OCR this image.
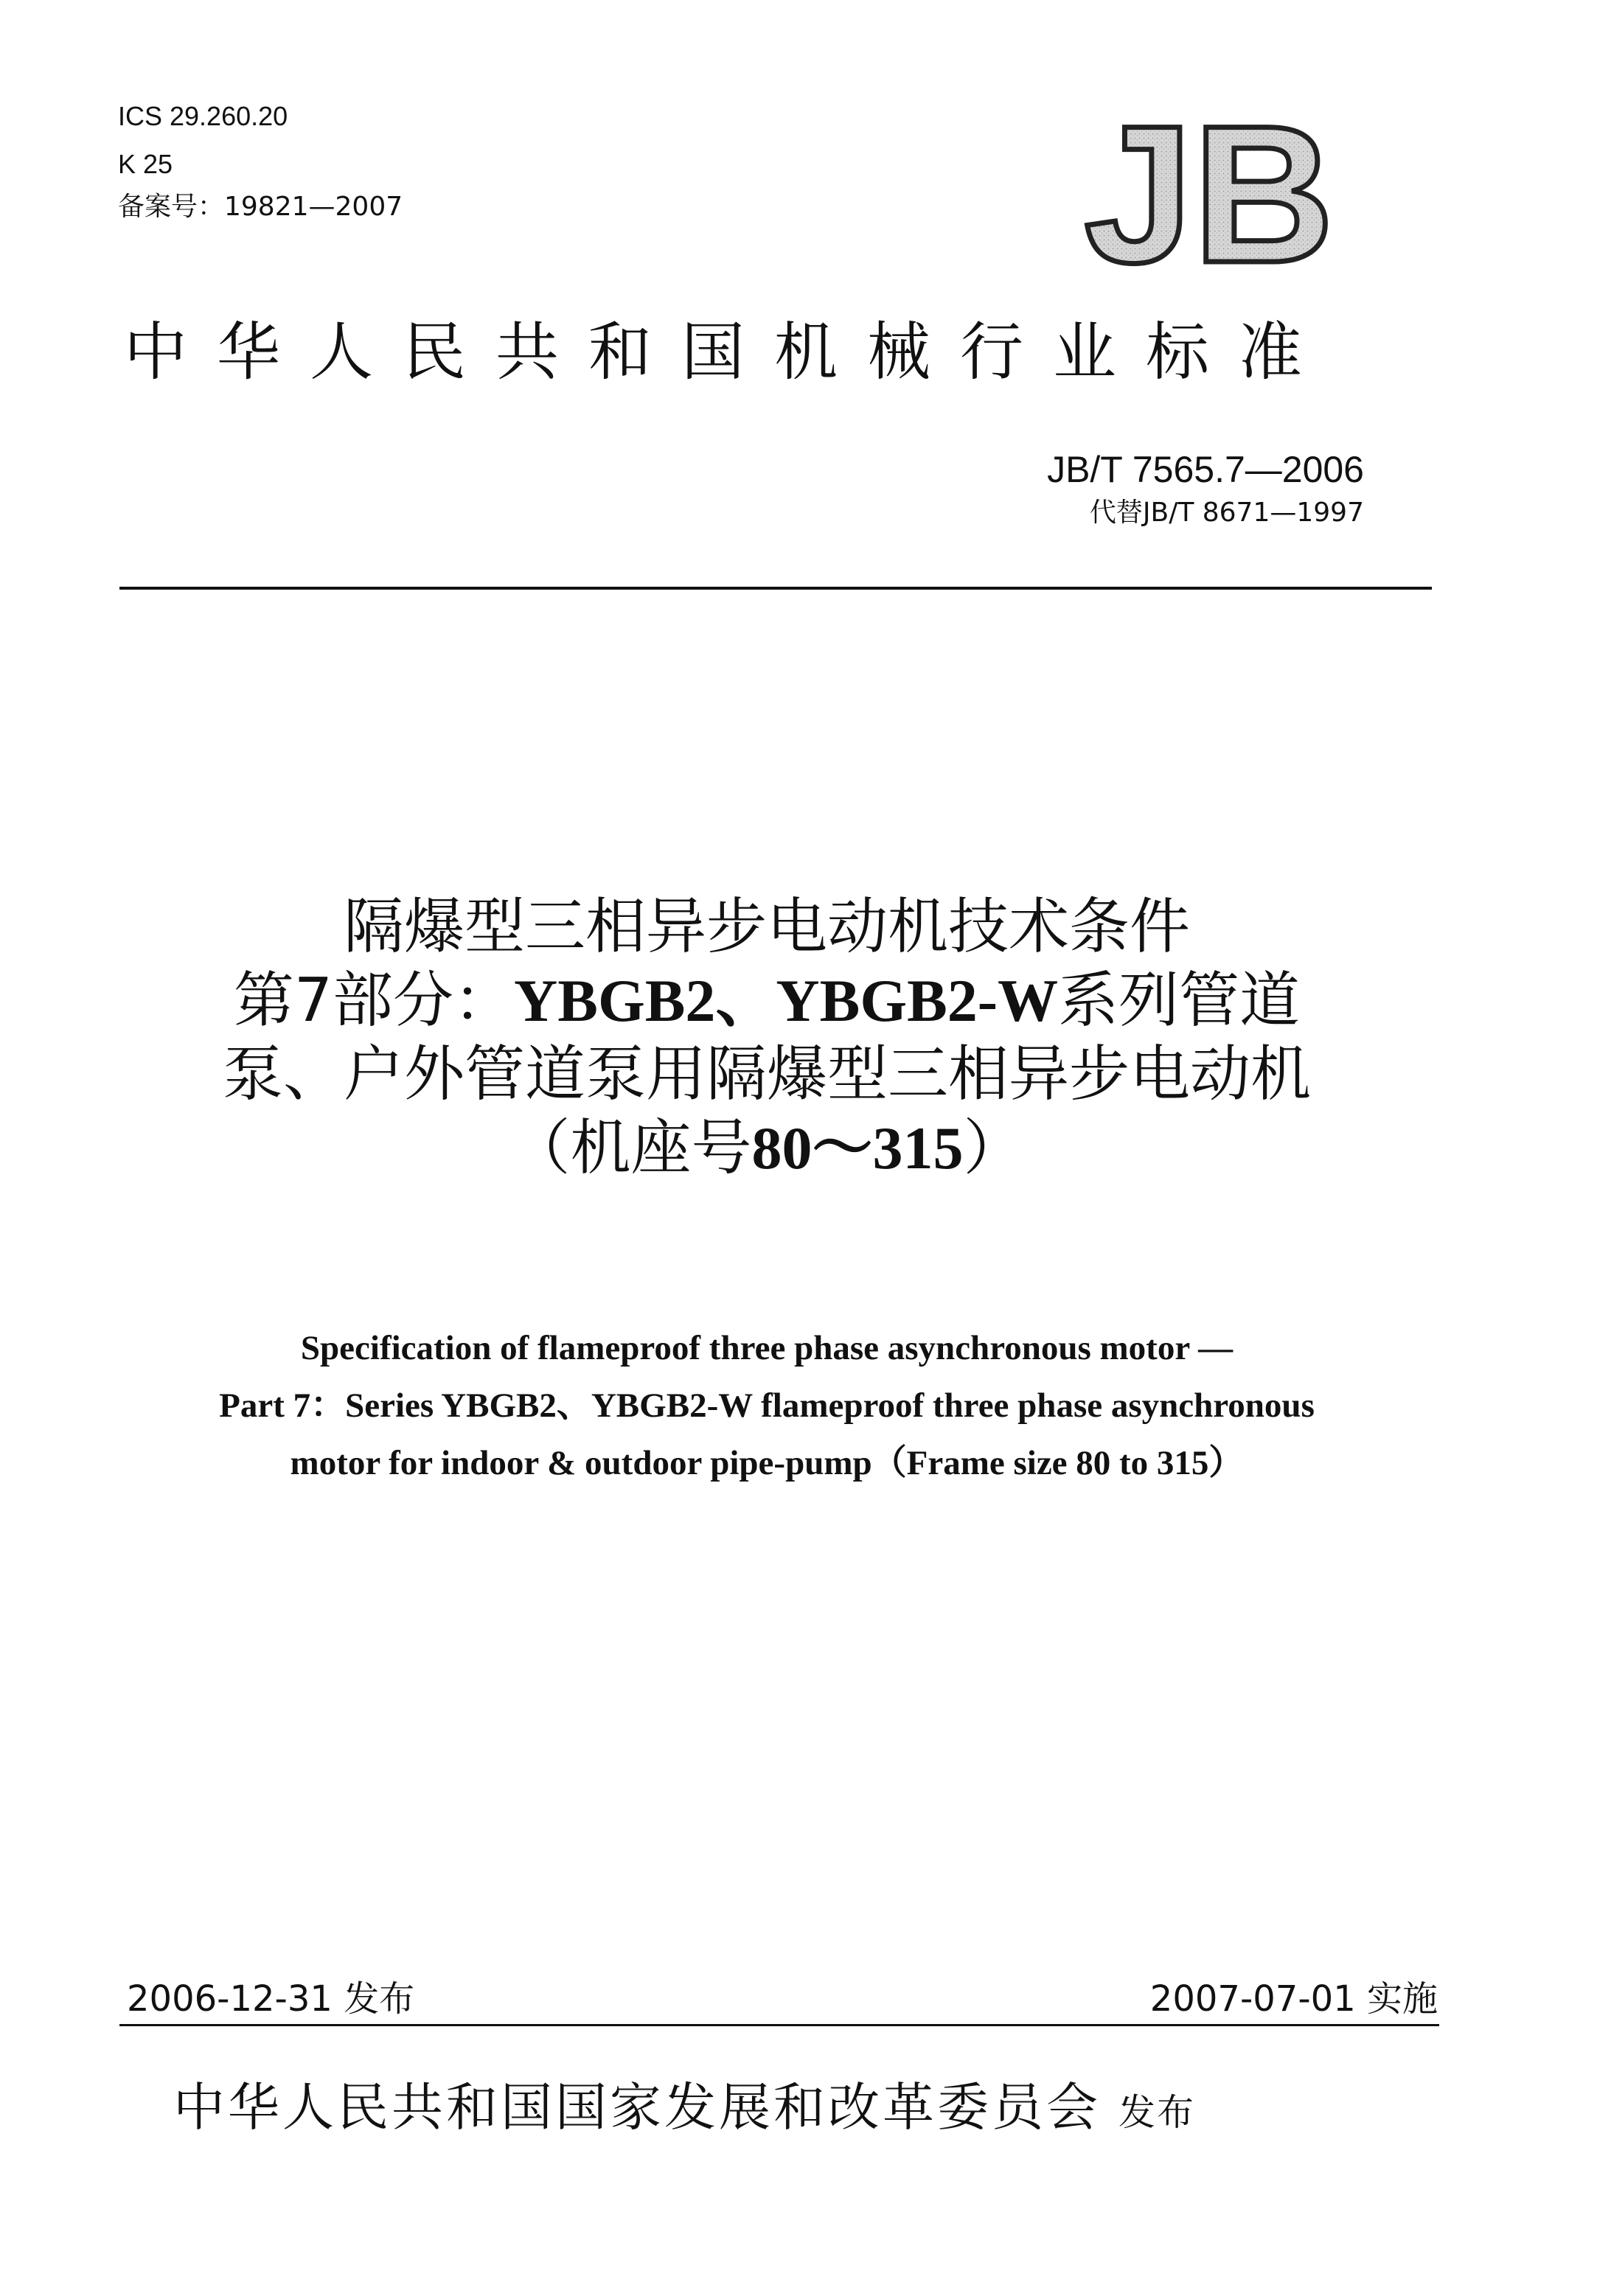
ICS 29.260.20
K 25
备案号：19821—2007	JB
中华人民共和国机械行业标准
JB/T 7565.7—2006
代替JB/T 8671—1997
隔爆型三相异步电动机技术条件
第7部分：YBGB2、YBGB2-W系列管道
泵、户外管道泵用隔爆型三相异步电动机
（机座号80～315）
Specification of flameproof three phase asynchronous motor —
Part 7：Series YBGB2、YBGB2-W flameproof three phase asynchronous
motor for indoor & outdoor pipe-pump（Frame size 80 to 315）
2006-12-31 发布	2007-07-01 实施
中华人民共和国国家发展和改革委员会 发布
